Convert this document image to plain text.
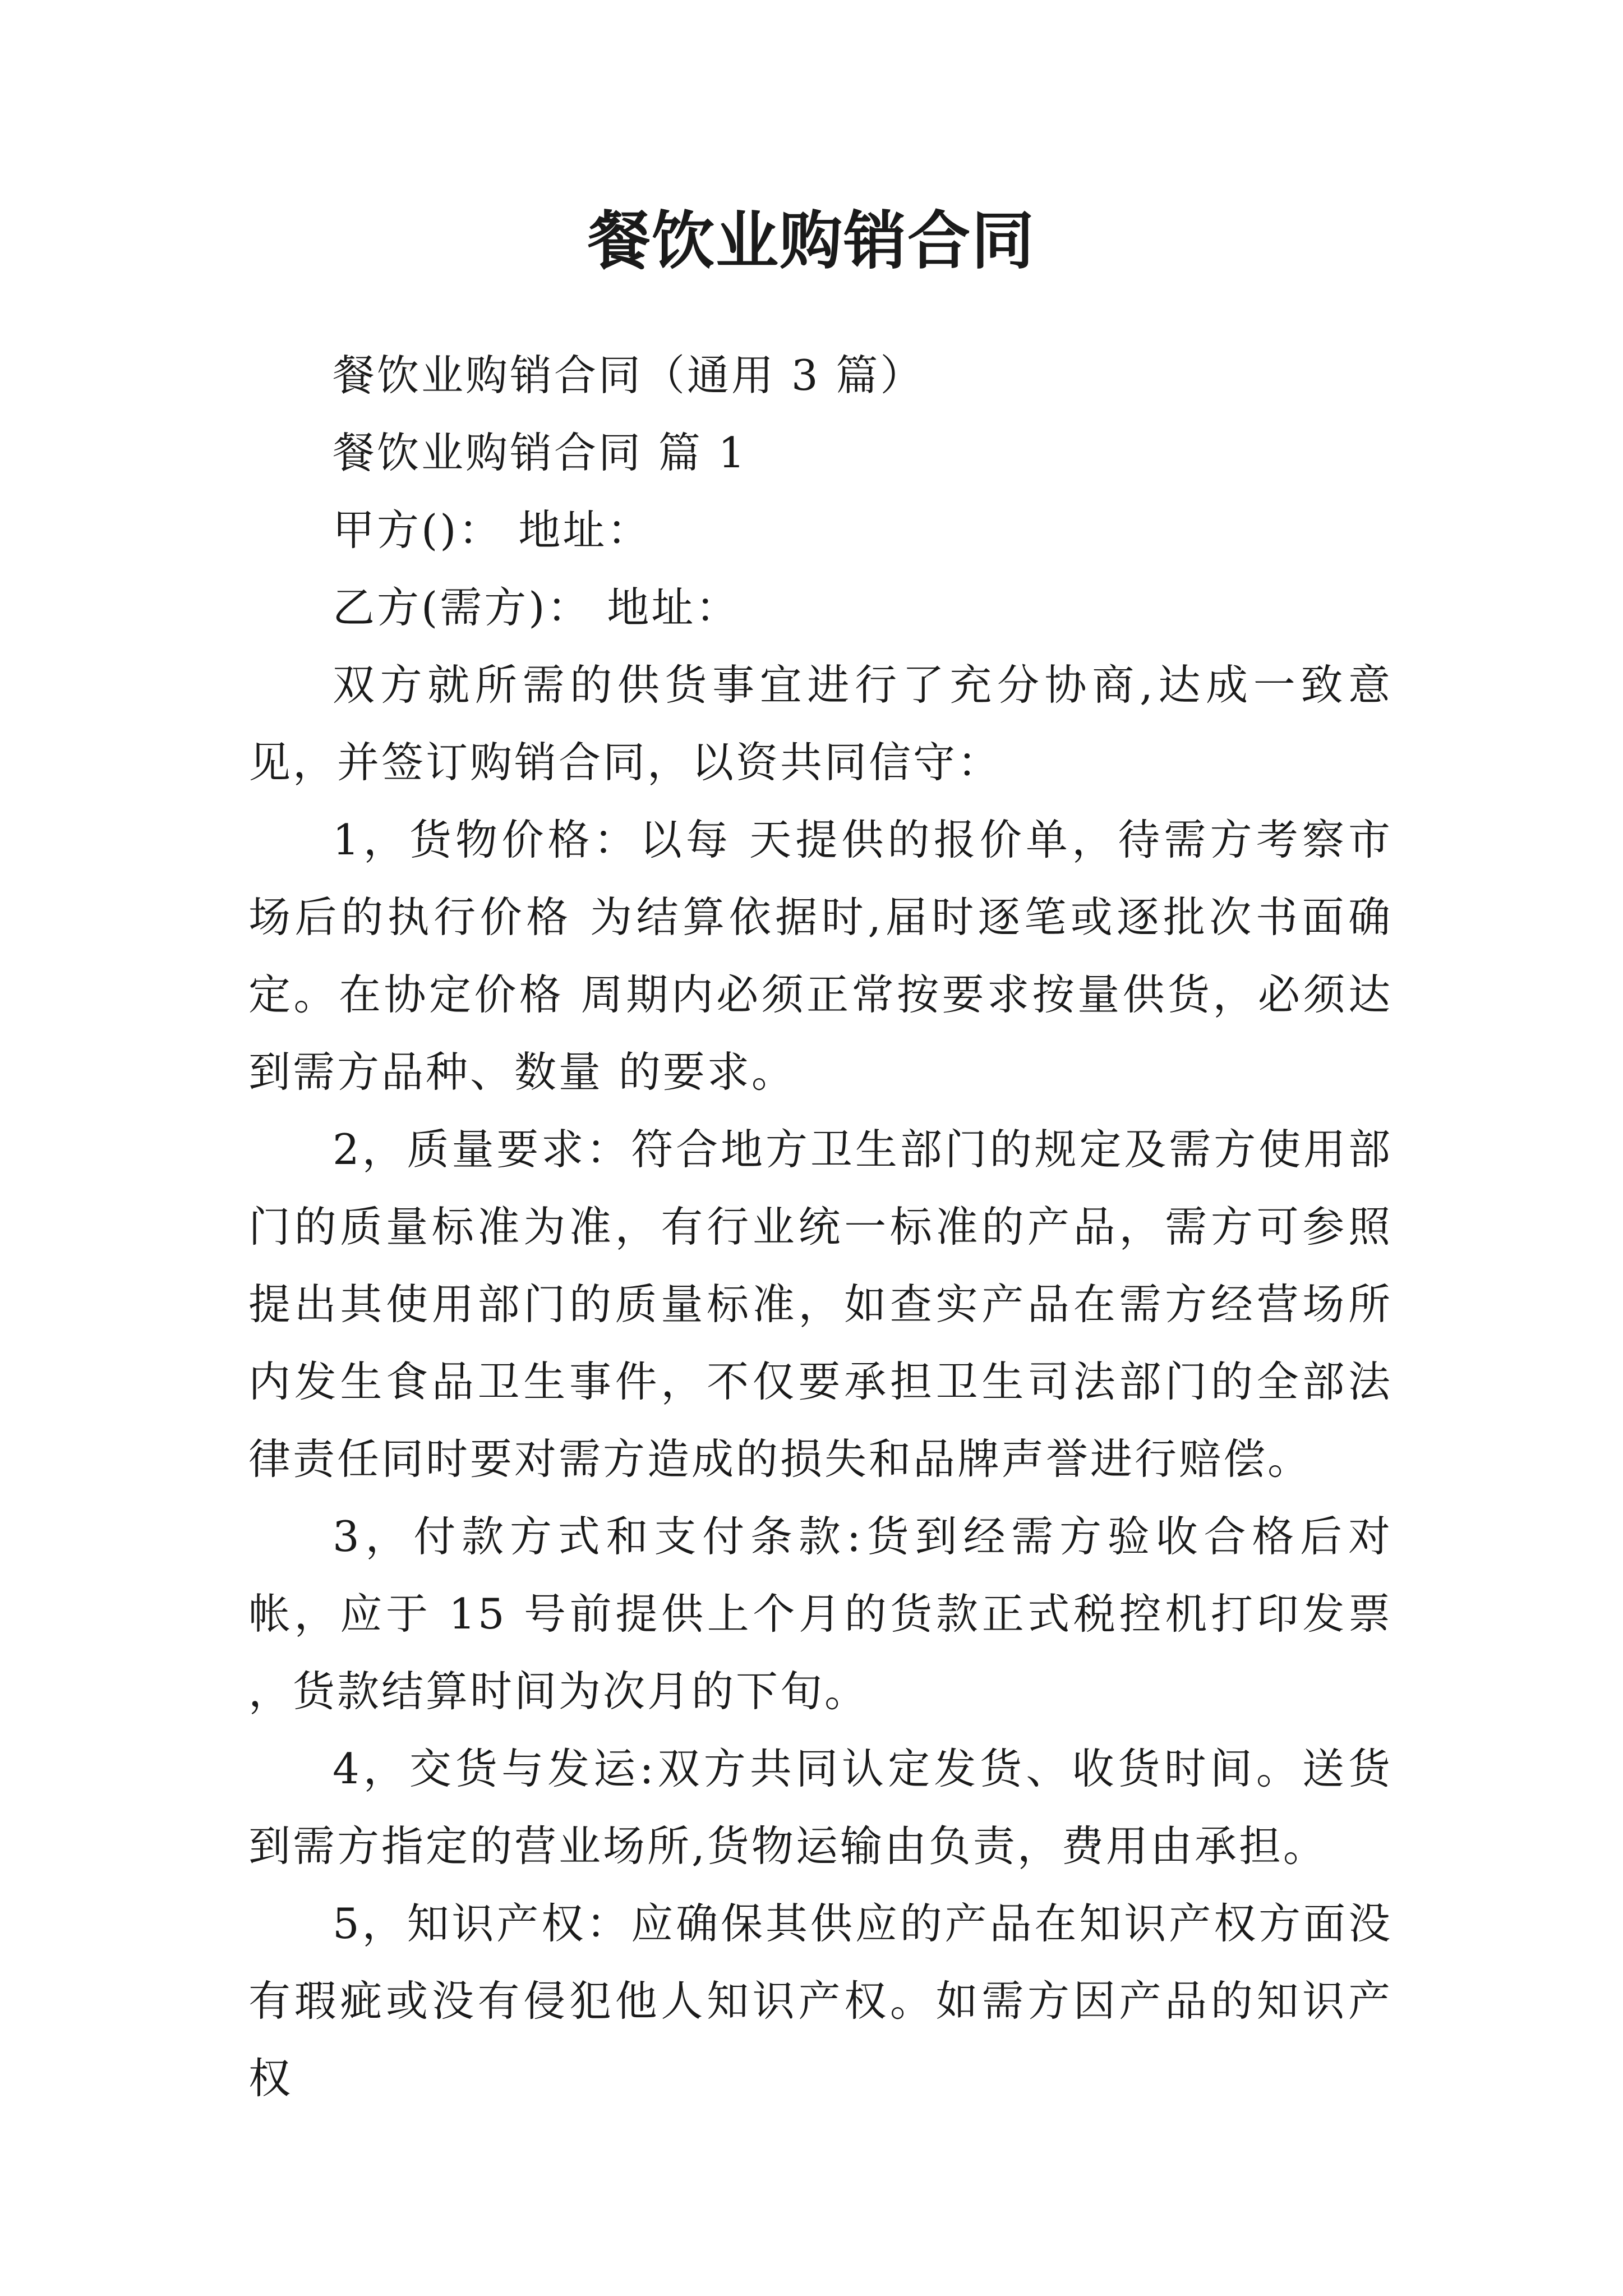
餐饮业购销合同

餐饮业购销合同（通用 3 篇）

餐饮业购销合同 篇 1

甲方()： 地址：

乙方(需方)： 地址：

双方就所需的供货事宜进行了充分协商,达成一致意见，并签订购销合同，以资共同信守：

1，货物价格：以每 天提供的报价单，待需方考察市场后的执行价格 为结算依据时,届时逐笔或逐批次书面确定。在协定价格 周期内必须正常按要求按量供货，必须达到需方品种、数量 的要求。

2，质量要求：符合地方卫生部门的规定及需方使用部门的质量标准为准，有行业统一标准的产品，需方可参照提出其使用部门的质量标准，如查实产品在需方经营场所内发生食品卫生事件，不仅要承担卫生司法部门的全部法律责任同时要对需方造成的损失和品牌声誉进行赔偿。

3，付款方式和支付条款:货到经需方验收合格后对帐，应于 15 号前提供上个月的货款正式税控机打印发票 ，货款结算时间为次月的下旬。

4，交货与发运:双方共同认定发货、收货时间。送货到需方指定的营业场所,货物运输由负责，费用由承担。

5，知识产权：应确保其供应的产品在知识产权方面没有瑕疵或没有侵犯他人知识产权。如需方因产品的知识产权
